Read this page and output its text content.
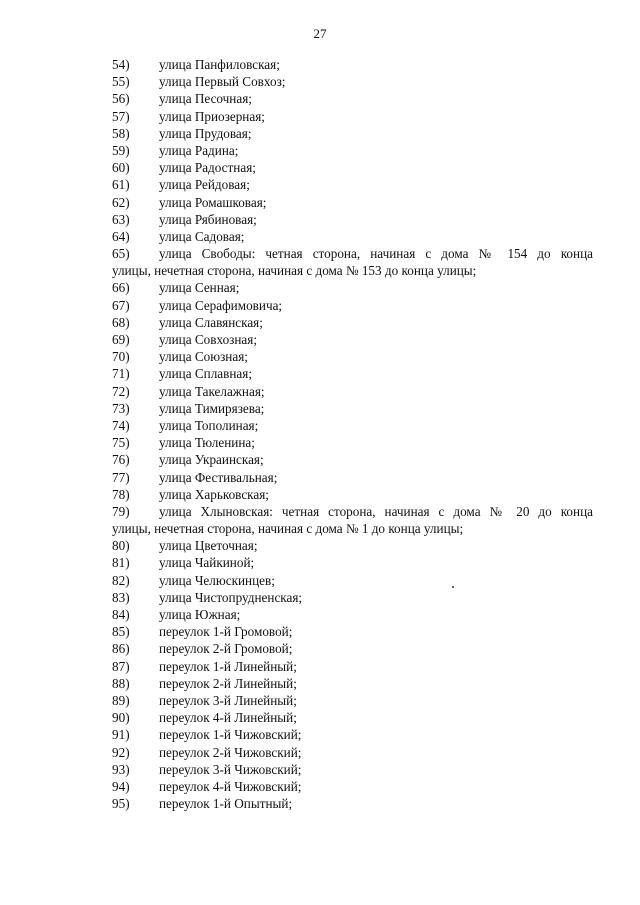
27
54)	улица Панфиловская;
55)	улица Первый Совхоз;
56)	улица Песочная;
57)	улица Приозерная;
58)	улица Прудовая;
59)	улица Радина;
60)	улица Радостная;
61)	улица Рейдовая;
62)	улица Ромашковая;
63)	улица Рябиновая;
64)	улица Садовая;
65)	улица Свободы: четная сторона, начиная с дома № 154 до конца
улицы, нечетная сторона, начиная с дома № 153 до конца улицы;
66)	улица Сенная;
67)	улица Серафимовича;
68)	улица Славянская;
69)	улица Совхозная;
70)	улица Союзная;
71)	улица Сплавная;
72)	улица Такелажная;
73)	улица Тимирязева;
74)	улица Тополиная;
75)	улица Тюленина;
76)	улица Украинская;
77)	улица Фестивальная;
78)	улица Харьковская;
79)	улица Хлыновская: четная сторона, начиная с дома № 20 до конца
улицы, нечетная сторона, начиная с дома № 1 до конца улицы;
80)	улица Цветочная;
81)	улица Чайкиной;
82)	улица Челюскинцев;
83)	улица Чистопрудненская;
84)	улица Южная;
85)	переулок 1-й Громовой;
86)	переулок 2-й Громовой;
87)	переулок 1-й Линейный;
88)	переулок 2-й Линейный;
89)	переулок 3-й Линейный;
90)	переулок 4-й Линейный;
91)	переулок 1-й Чижовский;
92)	переулок 2-й Чижовский;
93)	переулок 3-й Чижовский;
94)	переулок 4-й Чижовский;
95)	переулок 1-й Опытный;
